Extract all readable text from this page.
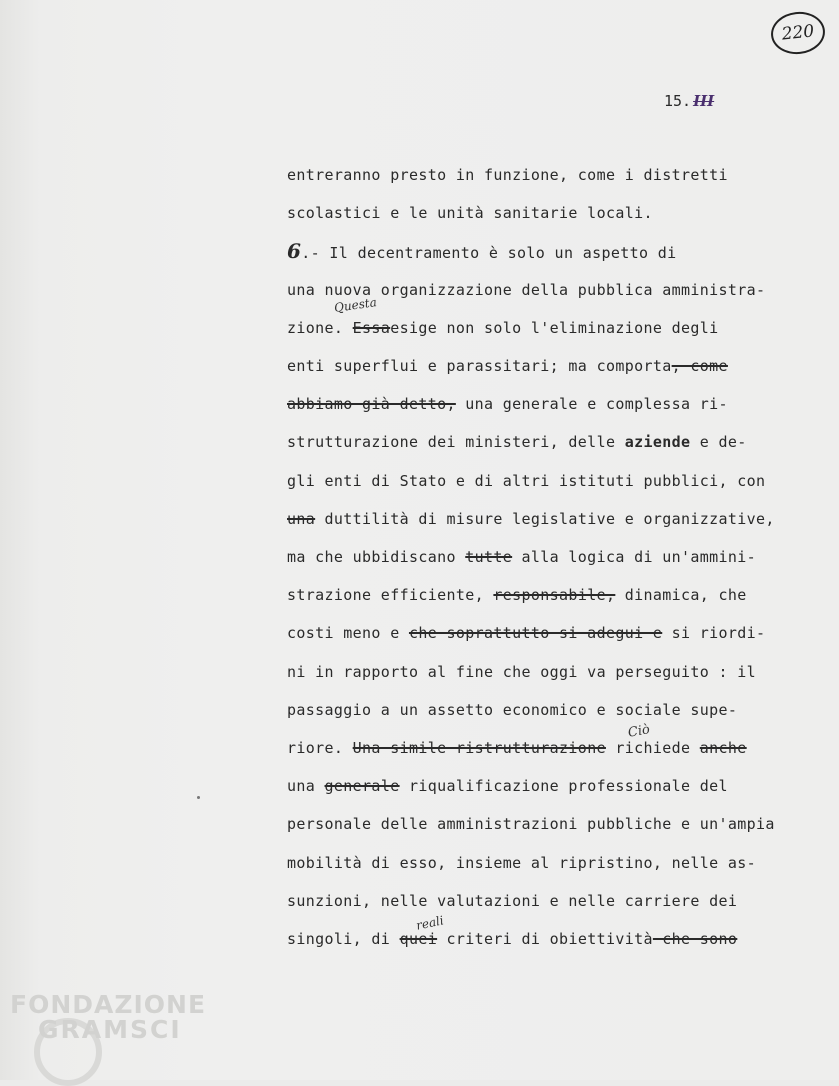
220
15. III
entreranno presto in funzione, come i distretti
scolastici e le unità sanitarie locali.
6.- Il decentramento è solo un aspetto di
una nuova organizzazione della pubblica amministra-
zione. Essaesige non solo l'eliminazione degli
enti superflui e parassitari; ma comporta, come
abbiamo già detto, una generale e complessa ri-
strutturazione dei ministeri, delle aziende e de-
gli enti di Stato e di altri istituti pubblici, con
una duttilità di misure legislative e organizzative,
ma che ubbidiscano tutte alla logica di un'ammini-
strazione efficiente, responsabile, dinamica, che
costi meno e che soprattutto si adegui e si riordi-
ni in rapporto al fine che oggi va perseguito : il
passaggio a un assetto economico e sociale supe-
riore. Una simile ristrutturazione richiede anche
una generale riqualificazione professionale del
personale delle amministrazioni pubbliche e un'ampia
mobilità di esso, insieme al ripristino, nelle as-
sunzioni, nelle valutazioni e nelle carriere dei
singoli, di quei criteri di obiettività che sono
Questa
Ciò
reali
FONDAZIONE
GRAMSCI
